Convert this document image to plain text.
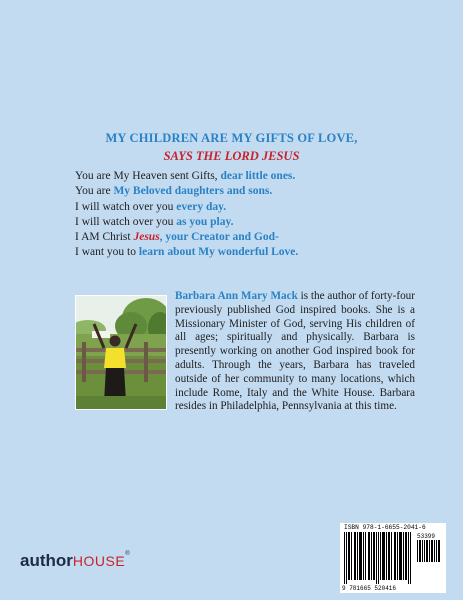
MY CHILDREN ARE MY GIFTS OF LOVE,
SAYS THE LORD JESUS
You are My Heaven sent Gifts, dear little ones.
You are My Beloved daughters and sons.
I will watch over you every day.
I will watch over you as you play.
I AM Christ Jesus, your Creator and God-
I want you to learn about My wonderful Love.
Barbara Ann Mary Mack is the author of forty-four previously published God inspired books. She is a Missionary Minister of God, serving His children of all ages; spiritually and physically. Barbara is presently working on another God inspired book for adults. Through the years, Barbara has traveled outside of her community to many locations, which include Rome, Italy and the White House. Barbara resides in Philadelphia, Pennsylvania at this time.
authorHOUSE®
ISBN 978-1-6655-2041-6
53399
9 781665 520416
